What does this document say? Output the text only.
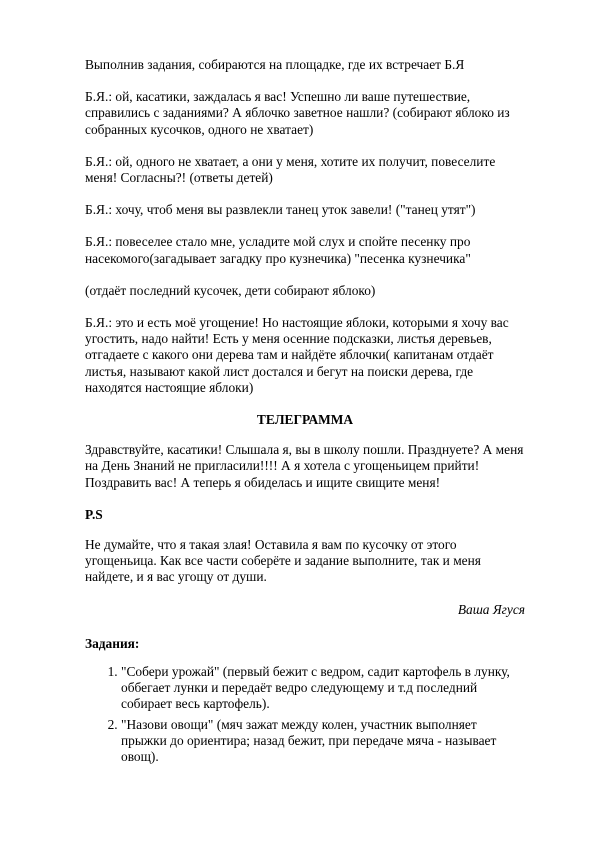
Выполнив задания, собираются на площадке, где их встречает Б.Я

Б.Я.: ой, касатики, заждалась я вас! Успешно ли ваше путешествие, справились с заданиями? А яблочко заветное нашли? (собирают яблоко из собранных кусочков, одного не хватает)

Б.Я.: ой, одного не хватает, а они у меня, хотите их получит, повеселите меня! Согласны?! (ответы детей)

Б.Я.: хочу, чтоб меня вы развлекли танец уток завели! ("танец утят")

Б.Я.: повеселее стало мне, усладите мой слух и спойте песенку про насекомого(загадывает загадку про кузнечика) "песенка кузнечика"

(отдаёт последний кусочек, дети собирают яблоко)

Б.Я.: это и есть моё угощение! Но настоящие яблоки, которыми я хочу вас угостить, надо найти! Есть у меня осенние подсказки, листья деревьев, отгадаете с какого они дерева там и найдёте яблочки( капитанам отдаёт листья, называют какой лист достался и бегут на поиски дерева, где находятся настоящие яблоки)

ТЕЛЕГРАММА

Здравствуйте, касатики! Слышала я, вы в школу пошли. Празднуете? А меня на День Знаний не пригласили!!!! А я хотела с угощеньицем прийти! Поздравить вас! А теперь я обиделась и ищите свищите меня!

P.S

Не думайте, что я такая злая! Оставила я вам по кусочку от этого угощеньица. Как все части соберёте и задание выполните, так и меня найдете, и я вас угощу от души.

Ваша Ягуся

Задания:

1. "Собери урожай" (первый бежит с ведром, садит картофель в лунку, оббегает лунки и передаёт ведро следующему и т.д последний собирает весь картофель).
2. "Назови овощи" (мяч зажат между колен, участник выполняет прыжки до ориентира; назад бежит, при передаче мяча - называет овощ).
